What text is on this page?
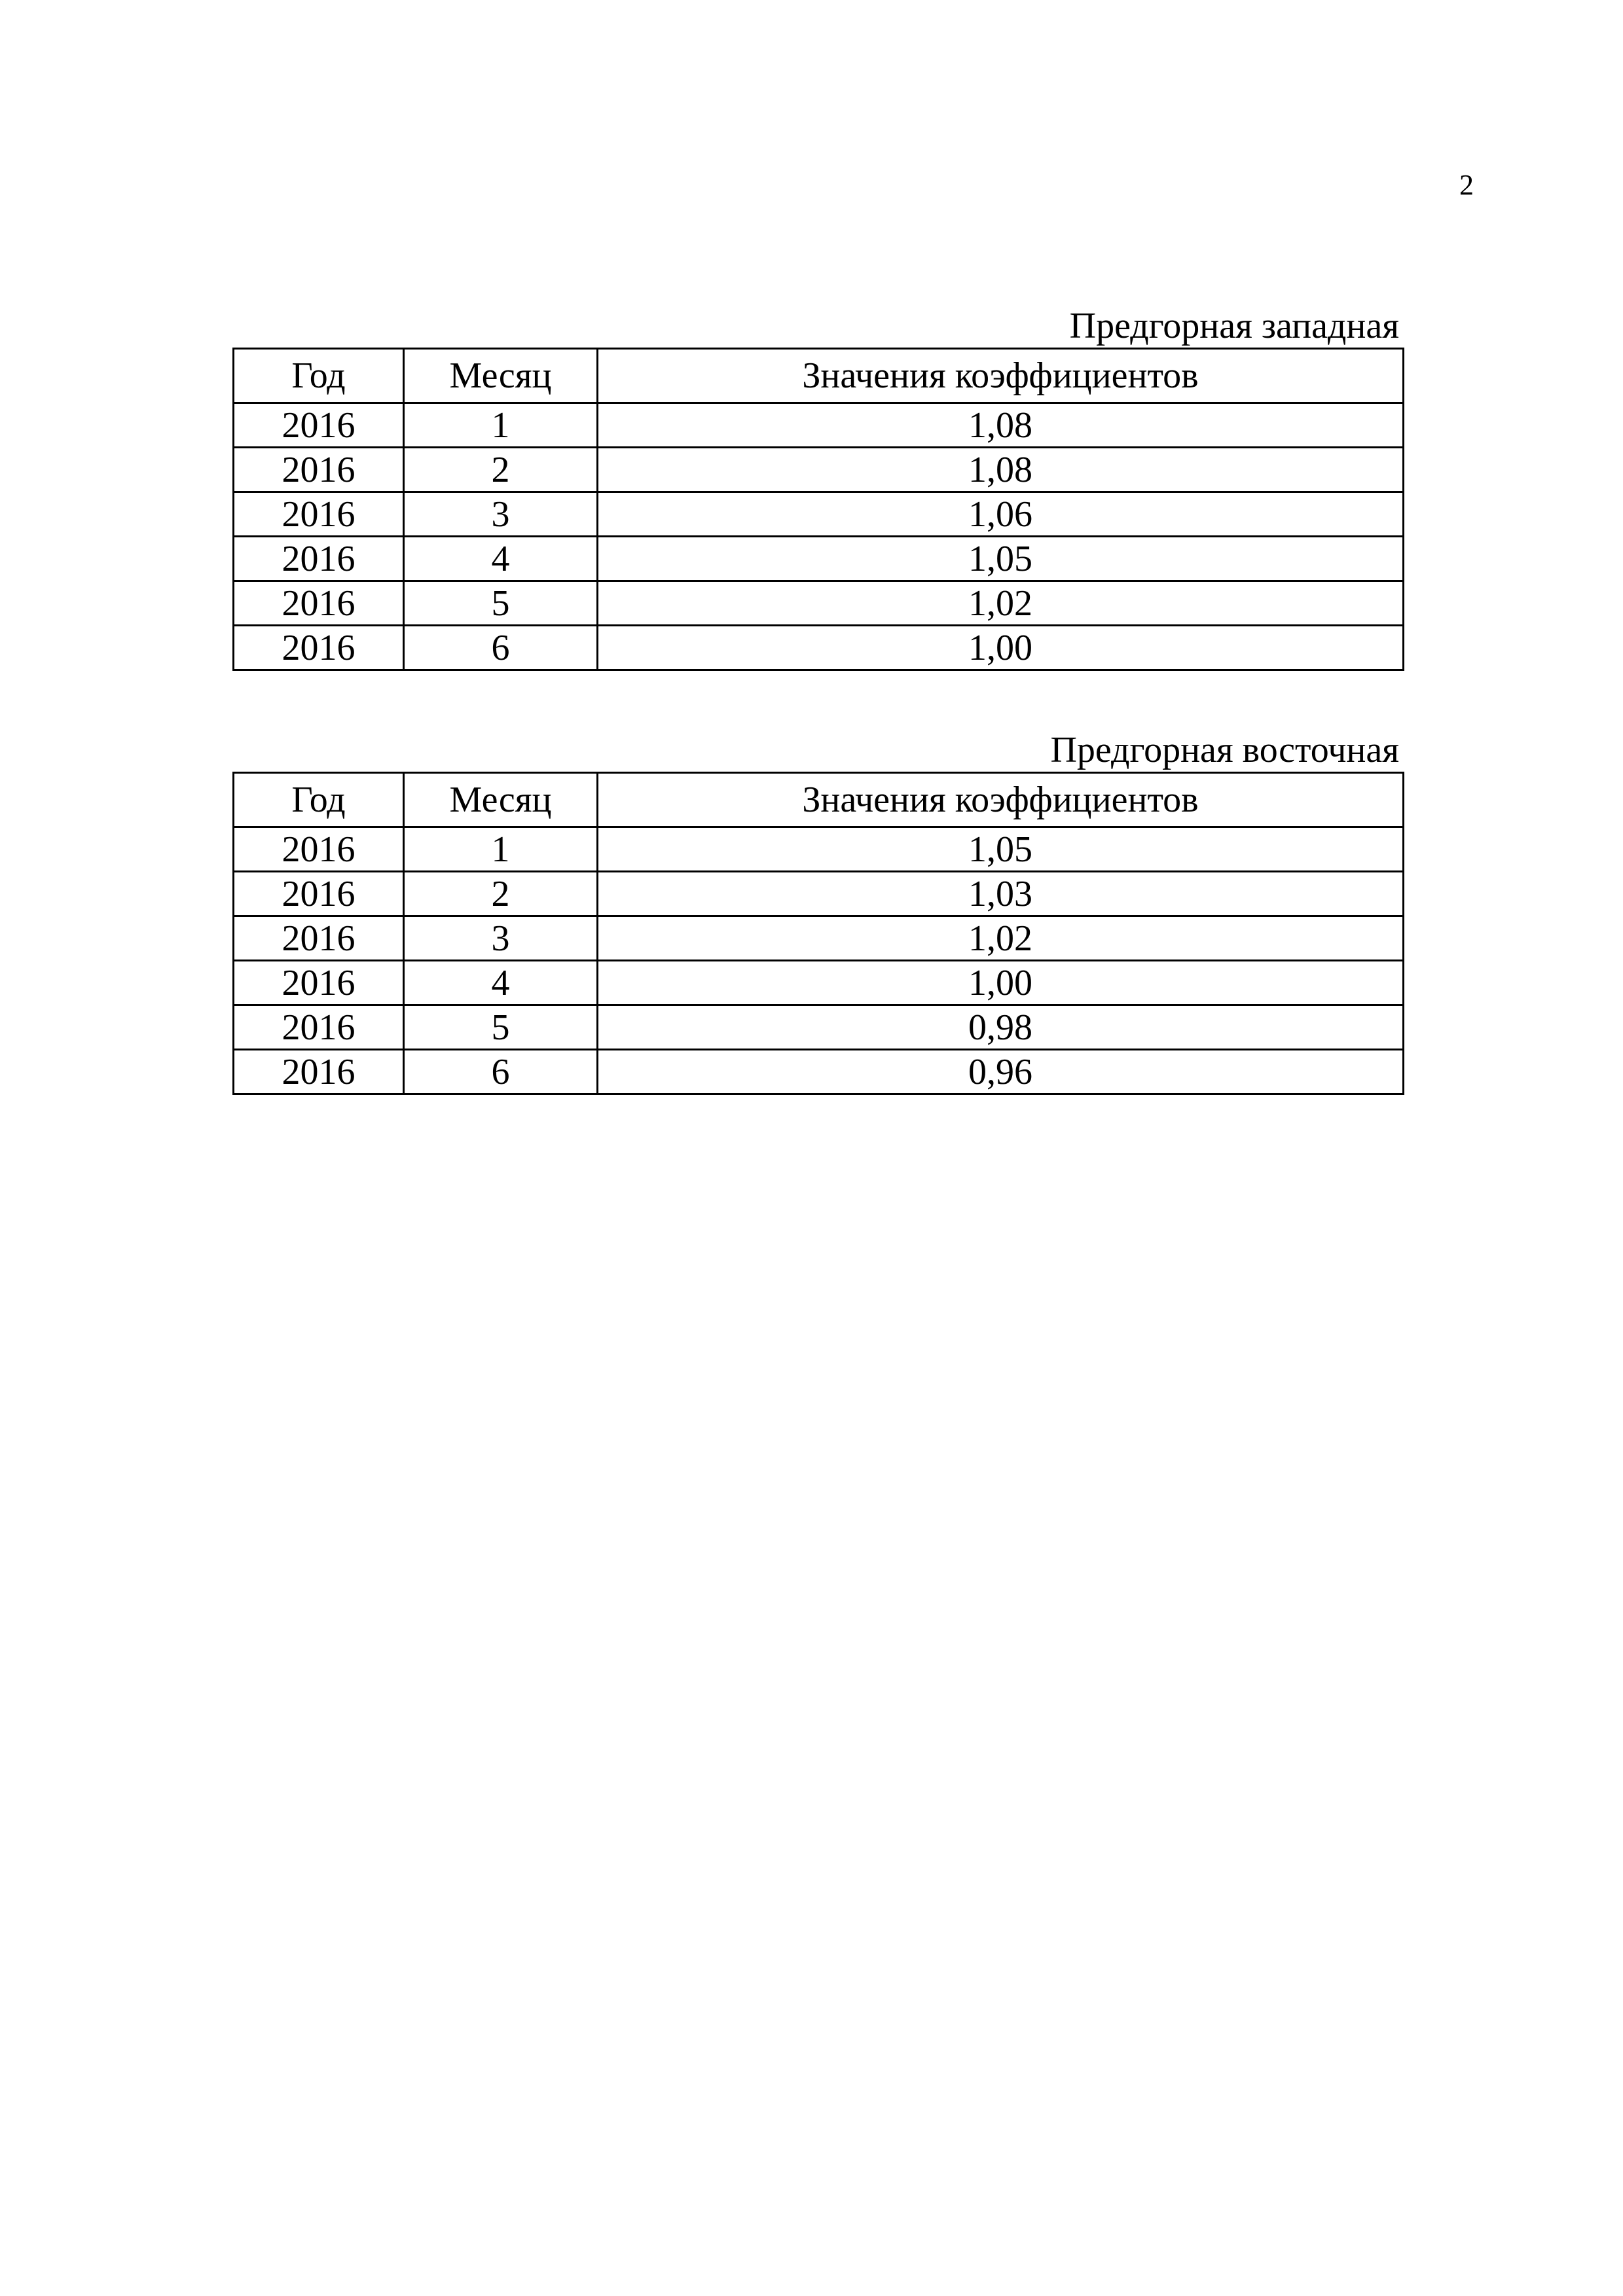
2
Предгорная западная
Год	Месяц	Значения коэффициентов
2016	1	1,08
2016	2	1,08
2016	3	1,06
2016	4	1,05
2016	5	1,02
2016	6	1,00
Предгорная восточная
Год	Месяц	Значения коэффициентов
2016	1	1,05
2016	2	1,03
2016	3	1,02
2016	4	1,00
2016	5	0,98
2016	6	0,96
